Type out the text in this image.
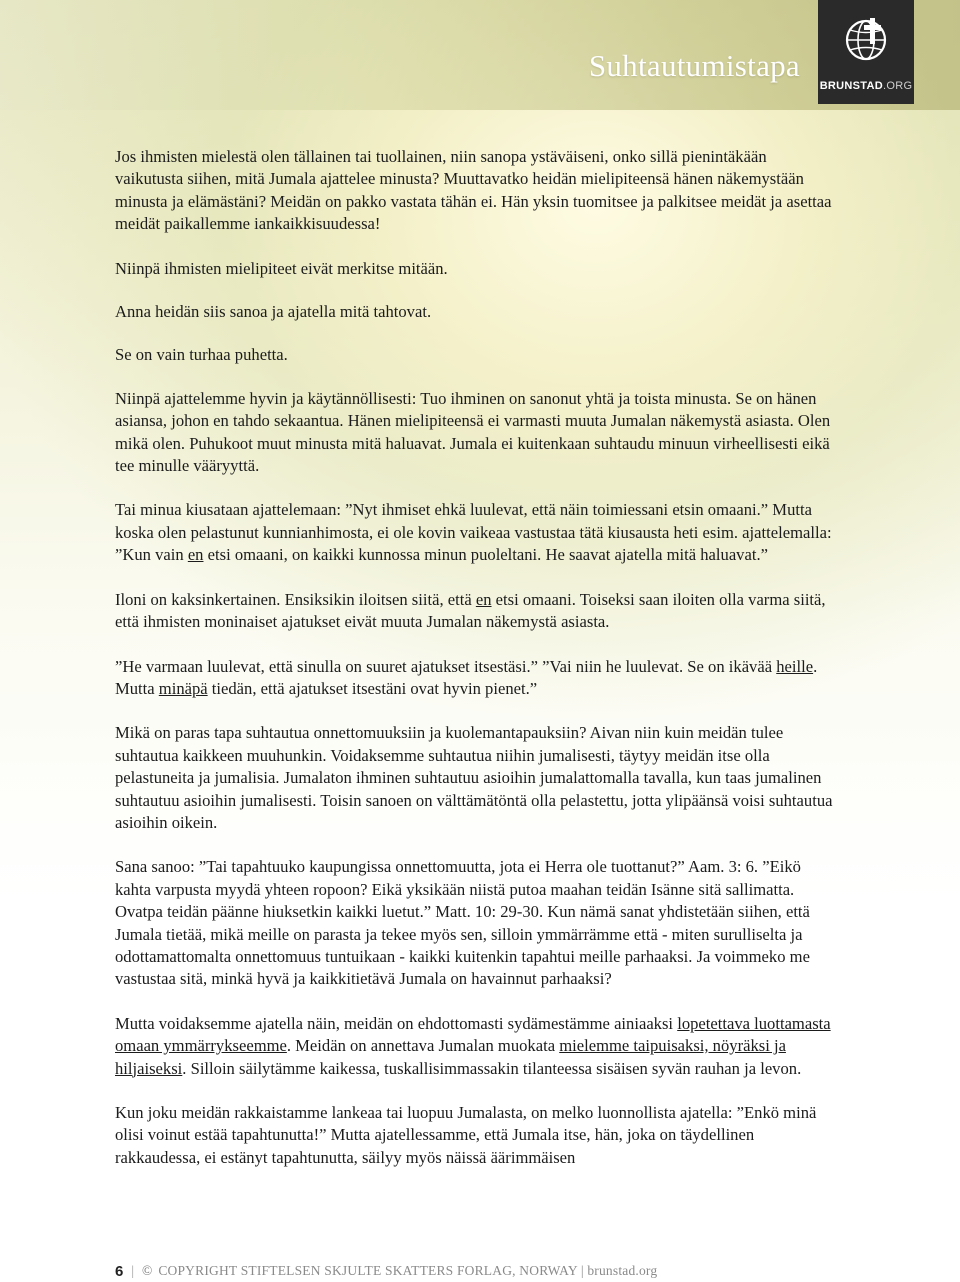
Suhtautumistapa
BRUNSTAD.ORG

Jos ihmisten mielestä olen tällainen tai tuollainen, niin sanopa ystäväiseni, onko sillä pienintäkään vaikutusta siihen, mitä Jumala ajattelee minusta? Muuttavatko heidän mielipiteensä hänen näkemystään minusta ja elämästäni? Meidän on pakko vastata tähän ei. Hän yksin tuomitsee ja palkitsee meidät ja asettaa meidät paikallemme iankaikkisuudessa!

Niinpä ihmisten mielipiteet eivät merkitse mitään.

Anna heidän siis sanoa ja ajatella mitä tahtovat.

Se on vain turhaa puhetta.

Niinpä ajattelemme hyvin ja käytännöllisesti: Tuo ihminen on sanonut yhtä ja toista minusta. Se on hänen asiansa, johon en tahdo sekaantua. Hänen mielipiteensä ei varmasti muuta Jumalan näkemystä asiasta. Olen mikä olen. Puhukoot muut minusta mitä haluavat. Jumala ei kuitenkaan suhtaudu minuun virheellisesti eikä tee minulle vääryyttä.

Tai minua kiusataan ajattelemaan: ”Nyt ihmiset ehkä luulevat, että näin toimiessani etsin omaani.” Mutta koska olen pelastunut kunnianhimosta, ei ole kovin vaikeaa vastustaa tätä kiusausta heti esim. ajattelemalla: ”Kun vain en etsi omaani, on kaikki kunnossa minun puoleltani. He saavat ajatella mitä haluavat.”

Iloni on kaksinkertainen. Ensiksikin iloitsen siitä, että en etsi omaani. Toiseksi saan iloiten olla varma siitä, että ihmisten moninaiset ajatukset eivät muuta Jumalan näkemystä asiasta.

”He varmaan luulevat, että sinulla on suuret ajatukset itsestäsi.” ”Vai niin he luulevat. Se on ikävää heille. Mutta minäpä tiedän, että ajatukset itsestäni ovat hyvin pienet.”

Mikä on paras tapa suhtautua onnettomuuksiin ja kuolemantapauksiin? Aivan niin kuin meidän tulee suhtautua kaikkeen muuhunkin. Voidaksemme suhtautua niihin jumalisesti, täytyy meidän itse olla pelastuneita ja jumalisia. Jumalaton ihminen suhtautuu asioihin jumalattomalla tavalla, kun taas jumalinen suhtautuu asioihin jumalisesti. Toisin sanoen on välttämätöntä olla pelastettu, jotta ylipäänsä voisi suhtautua asioihin oikein.

Sana sanoo: ”Tai tapahtuuko kaupungissa onnettomuutta, jota ei Herra ole tuottanut?” Aam. 3: 6. ”Eikö kahta varpusta myydä yhteen ropoon? Eikä yksikään niistä putoa maahan teidän Isänne sitä sallimatta. Ovatpa teidän päänne hiuksetkin kaikki luetut.” Matt. 10: 29-30. Kun nämä sanat yhdistetään siihen, että Jumala tietää, mikä meille on parasta ja tekee myös sen, silloin ymmärrämme että - miten surulliselta ja odottamattomalta onnettomuus tuntuikaan - kaikki kuitenkin tapahtui meille parhaaksi. Ja voimmeko me vastustaa sitä, minkä hyvä ja kaikkitietävä Jumala on havainnut parhaaksi?

Mutta voidaksemme ajatella näin, meidän on ehdottomasti sydämestämme ainiaaksi lopetettava luottamasta omaan ymmärrykseemme. Meidän on annettava Jumalan muokata mielemme taipuisaksi, nöyräksi ja hiljaiseksi. Silloin säilytämme kaikessa, tuskallisimmassakin tilanteessa sisäisen syvän rauhan ja levon.

Kun joku meidän rakkaistamme lankeaa tai luopuu Jumalasta, on melko luonnollista ajatella: ”Enkö minä olisi voinut estää tapahtunutta!” Mutta ajatellessamme, että Jumala itse, hän, joka on täydellinen rakkaudessa, ei estänyt tapahtunutta, säilyy myös näissä äärimmäisen

6 | © COPYRIGHT STIFTELSEN SKJULTE SKATTERS FORLAG, NORWAY | brunstad.org
